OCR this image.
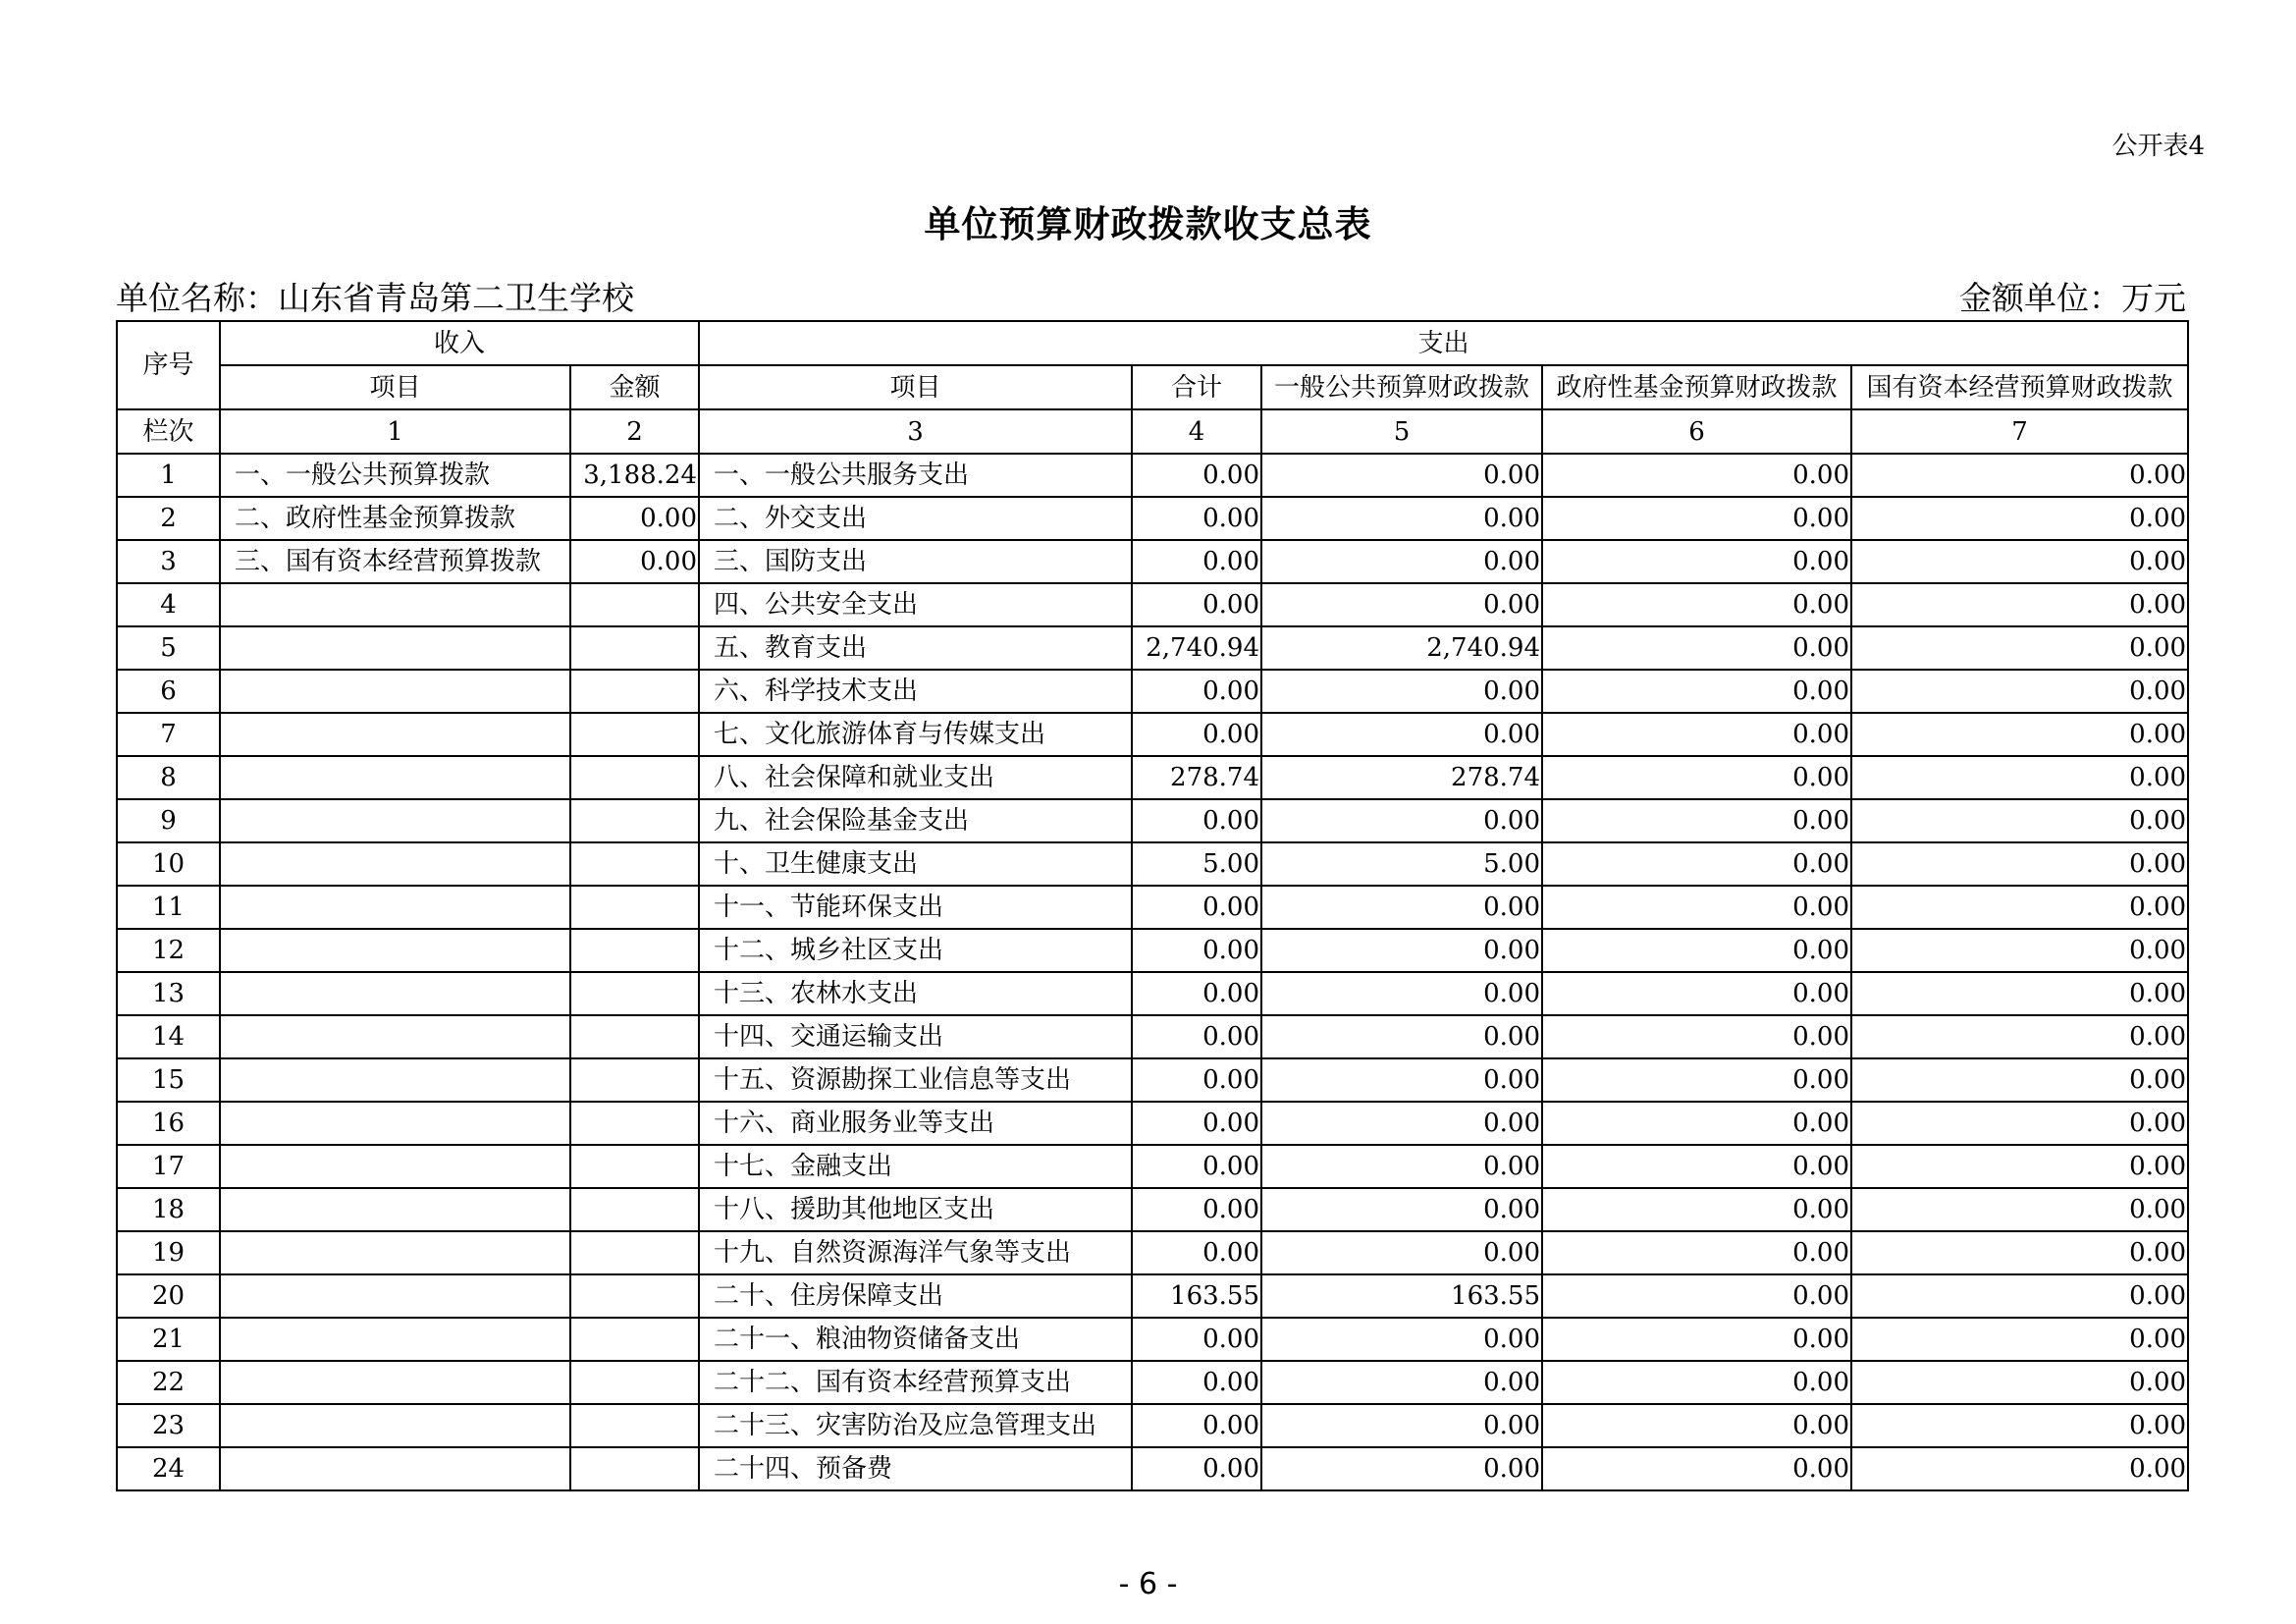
公开表4
单位预算财政拨款收支总表
单位名称：山东省青岛第二卫生学校	金额单位：万元
序号	收入		支出				
	项目	金额	项目	合计	一般公共预算财政拨款	政府性基金预算财政拨款	国有资本经营预算财政拨款
栏次	1	2	3	4	5	6	7
1	一、一般公共预算拨款	3,188.24	一、一般公共服务支出	0.00	0.00	0.00	0.00
2	二、政府性基金预算拨款	0.00	二、外交支出	0.00	0.00	0.00	0.00
3	三、国有资本经营预算拨款	0.00	三、国防支出	0.00	0.00	0.00	0.00
4			四、公共安全支出	0.00	0.00	0.00	0.00
5			五、教育支出	2,740.94	2,740.94	0.00	0.00
6			六、科学技术支出	0.00	0.00	0.00	0.00
7			七、文化旅游体育与传媒支出	0.00	0.00	0.00	0.00
8			八、社会保障和就业支出	278.74	278.74	0.00	0.00
9			九、社会保险基金支出	0.00	0.00	0.00	0.00
10			十、卫生健康支出	5.00	5.00	0.00	0.00
11			十一、节能环保支出	0.00	0.00	0.00	0.00
12			十二、城乡社区支出	0.00	0.00	0.00	0.00
13			十三、农林水支出	0.00	0.00	0.00	0.00
14			十四、交通运输支出	0.00	0.00	0.00	0.00
15			十五、资源勘探工业信息等支出	0.00	0.00	0.00	0.00
16			十六、商业服务业等支出	0.00	0.00	0.00	0.00
17			十七、金融支出	0.00	0.00	0.00	0.00
18			十八、援助其他地区支出	0.00	0.00	0.00	0.00
19			十九、自然资源海洋气象等支出	0.00	0.00	0.00	0.00
20			二十、住房保障支出	163.55	163.55	0.00	0.00
21			二十一、粮油物资储备支出	0.00	0.00	0.00	0.00
22			二十二、国有资本经营预算支出	0.00	0.00	0.00	0.00
23			二十三、灾害防治及应急管理支出	0.00	0.00	0.00	0.00
24			二十四、预备费	0.00	0.00	0.00	0.00
- 6 -
